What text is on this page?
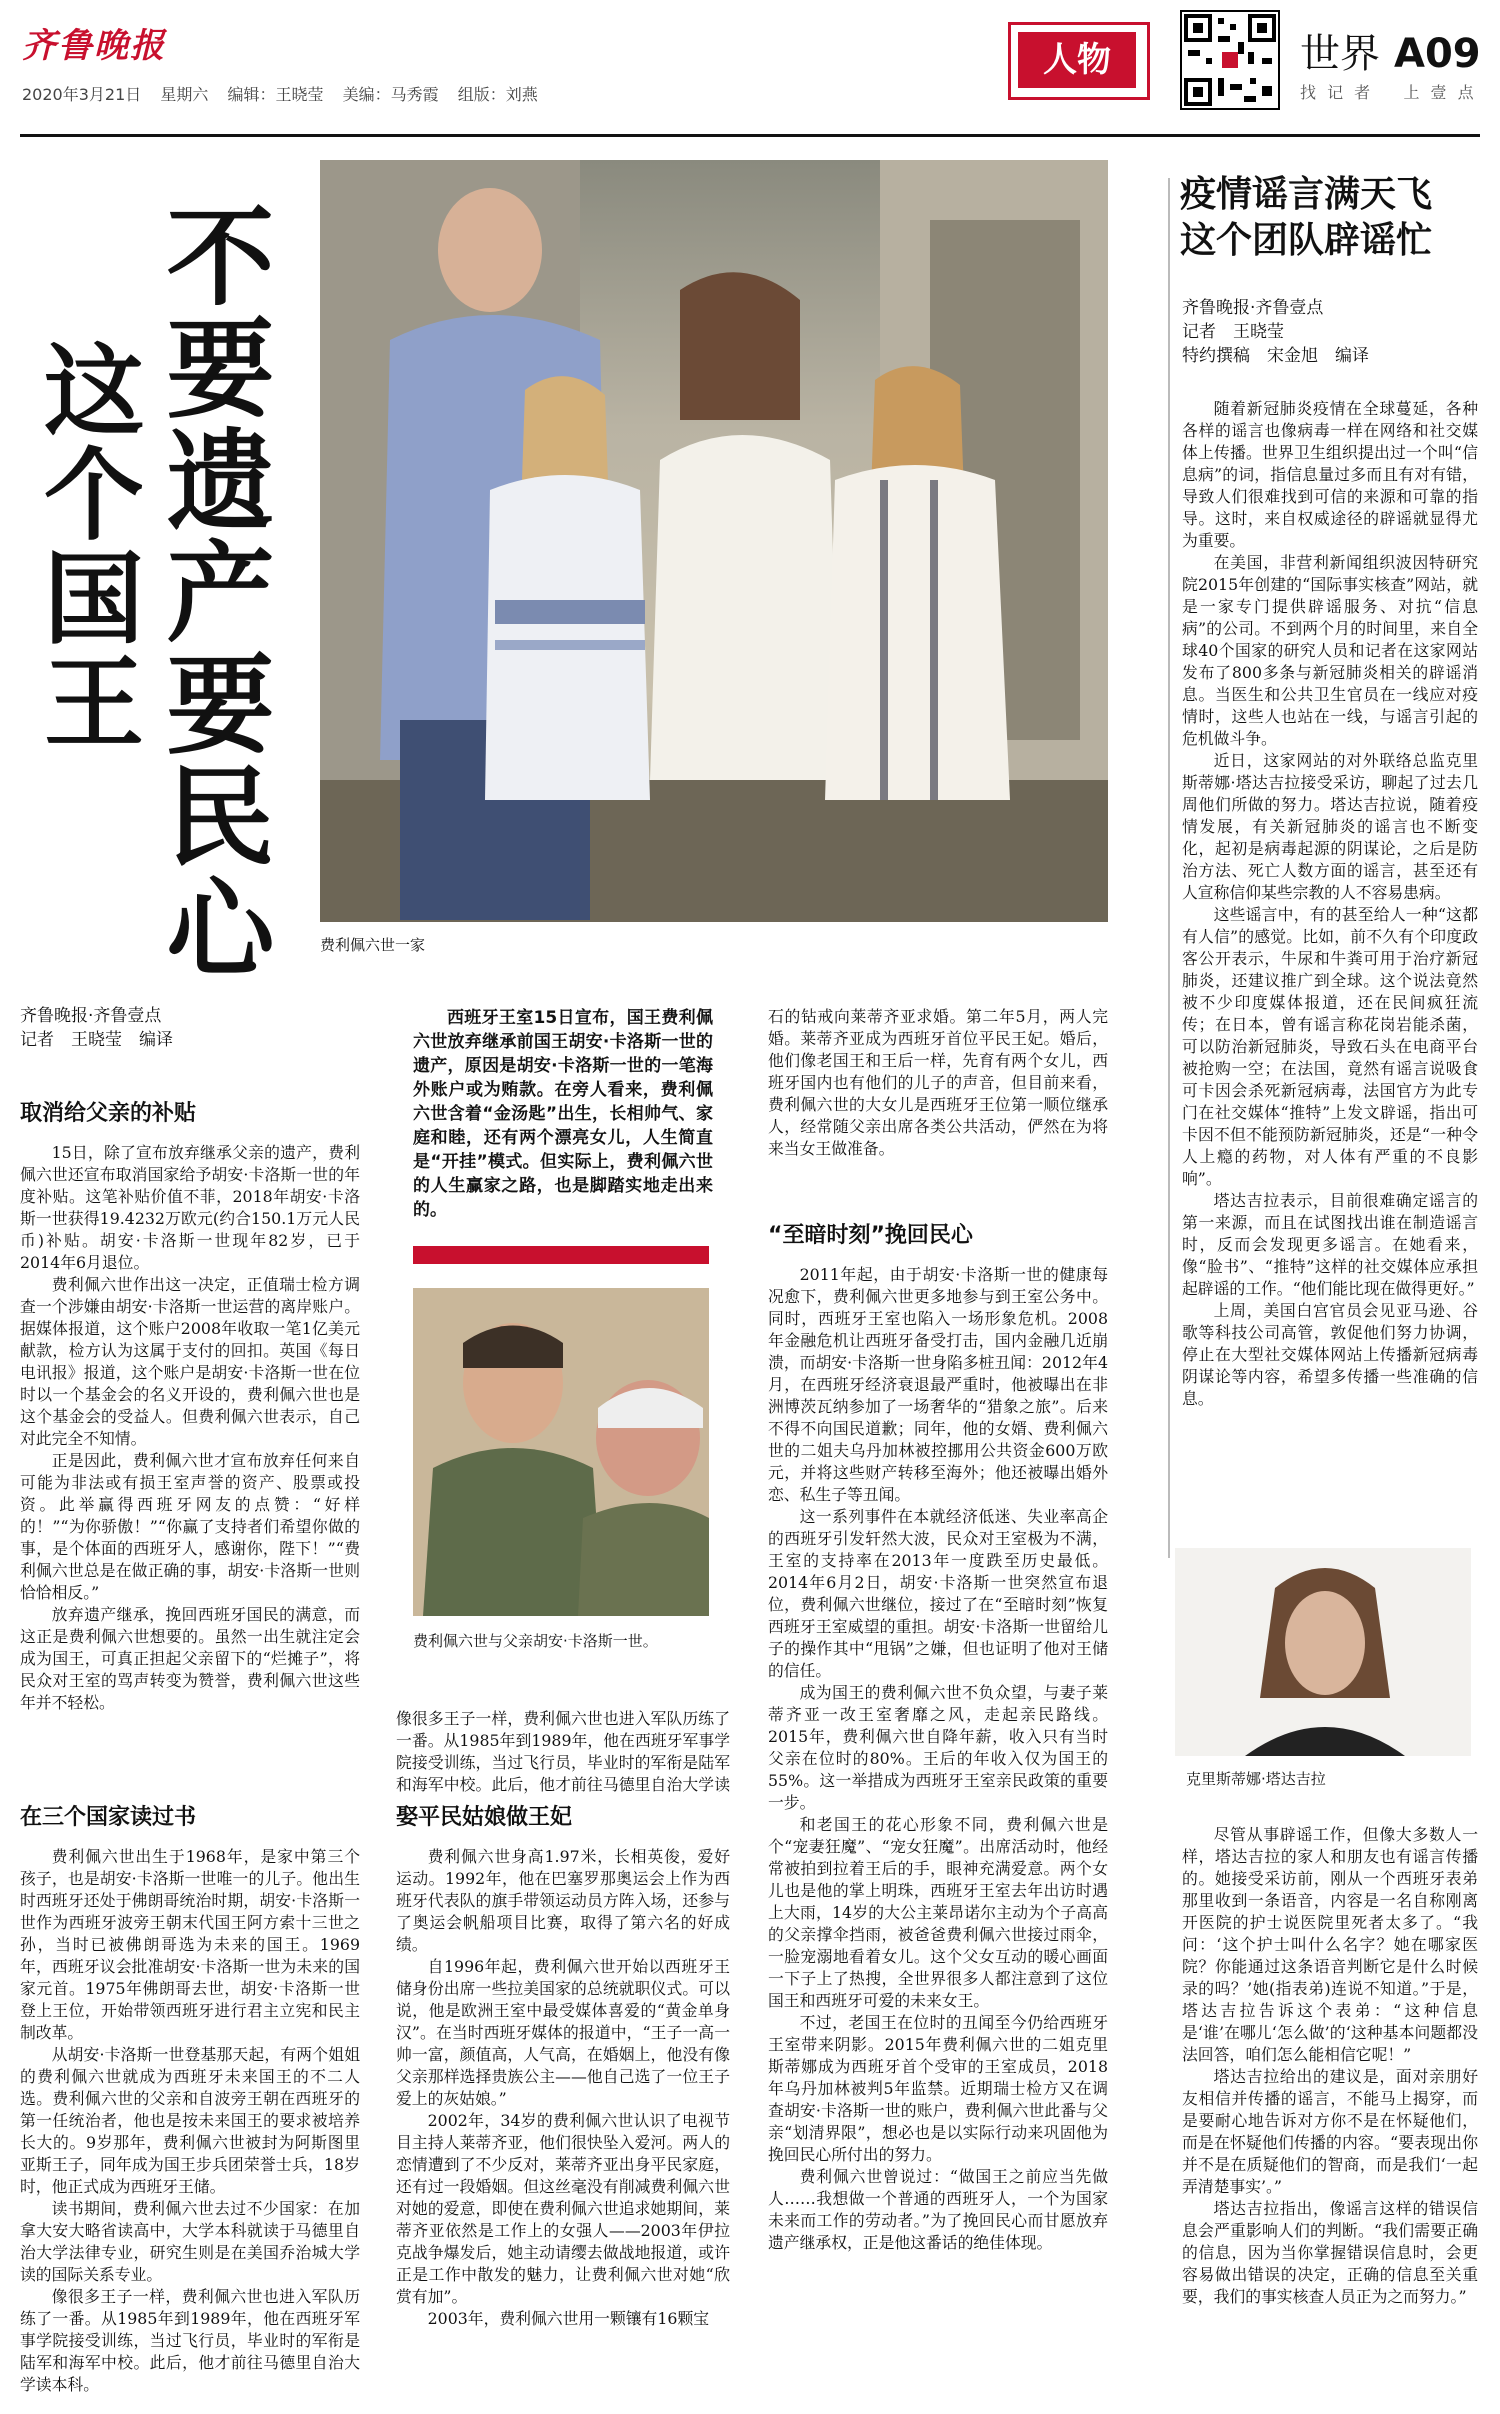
齐鲁晚报
2020年3月21日 星期六 编辑：王晓莹 美编：马秀霞 组版：刘燕
人物	世界 A09
找 记 者 上 壹 点
不要遗产要民心
这个国王
费利佩六世一家
齐鲁晚报·齐鲁壹点
记者　王晓莹　编译
取消给父亲的补贴

15日，除了宣布放弃继承父亲的遗产，费利佩六世还宣布取消国家给予胡安·卡洛斯一世的年度补贴。这笔补贴价值不菲，2018年胡安·卡洛斯一世获得19.4232万欧元(约合150.1万元人民币)补贴。胡安·卡洛斯一世现年82岁，已于2014年6月退位。

费利佩六世作出这一决定，正值瑞士检方调查一个涉嫌由胡安·卡洛斯一世运营的离岸账户。据媒体报道，这个账户2008年收取一笔1亿美元献款，检方认为这属于支付的回扣。英国《每日电讯报》报道，这个账户是胡安·卡洛斯一世在位时以一个基金会的名义开设的，费利佩六世也是这个基金会的受益人。但费利佩六世表示，自己对此完全不知情。

正是因此，费利佩六世才宣布放弃任何来自可能为非法或有损王室声誉的资产、股票或投资。此举赢得西班牙网友的点赞：“好样的！”“为你骄傲！”“你赢了支持者们希望你做的事，是个体面的西班牙人，感谢你，陛下！”“费利佩六世总是在做正确的事，胡安·卡洛斯一世则恰恰相反。”

放弃遗产继承，挽回西班牙国民的满意，而这正是费利佩六世想要的。虽然一出生就注定会成为国王，可真正担起父亲留下的“烂摊子”，将民众对王室的骂声转变为赞誉，费利佩六世这些年并不轻松。

在三个国家读过书

费利佩六世出生于1968年，是家中第三个孩子，也是胡安·卡洛斯一世唯一的儿子。他出生时西班牙还处于佛朗哥统治时期，胡安·卡洛斯一世作为西班牙波旁王朝末代国王阿方索十三世之孙，当时已被佛朗哥选为未来的国王。1969年，西班牙议会批准胡安·卡洛斯一世为未来的国家元首。1975年佛朗哥去世，胡安·卡洛斯一世登上王位，开始带领西班牙进行君主立宪和民主制改革。

从胡安·卡洛斯一世登基那天起，有两个姐姐的费利佩六世就成为西班牙未来国王的不二人选。费利佩六世的父亲和自波旁王朝在西班牙的第一任统治者，他也是按未来国王的要求被培养长大的。9岁那年，费利佩六世被封为阿斯图里亚斯王子，同年成为国王步兵团荣誉士兵，18岁时，他正式成为西班牙王储。

读书期间，费利佩六世去过不少国家：在加拿大安大略省读高中，大学本科就读于马德里自治大学法律专业，研究生则是在美国乔治城大学读的国际关系专业。

像很多王子一样，费利佩六世也进入军队历练了一番。从1985年到1989年，他在西班牙军事学院接受训练，当过飞行员，毕业时的军衔是陆军和海军中校。此后，他才前往马德里自治大学读本科。

西班牙王室15日宣布，国王费利佩六世放弃继承前国王胡安·卡洛斯一世的遗产，原因是胡安·卡洛斯一世的一笔海外账户或为贿款。在旁人看来，费利佩六世含着“金汤匙”出生，长相帅气、家庭和睦，还有两个漂亮女儿，人生简直是“开挂”模式。但实际上，费利佩六世的人生赢家之路，也是脚踏实地走出来的。
费利佩六世与父亲胡安·卡洛斯一世。

像很多王子一样，费利佩六世也进入军队历练了一番。从1985年到1989年，他在西班牙军事学院接受训练，当过飞行员，毕业时的军衔是陆军和海军中校。此后，他才前往马德里自治大学读

娶平民姑娘做王妃

费利佩六世身高1.97米，长相英俊，爱好运动。1992年，他在巴塞罗那奥运会上作为西班牙代表队的旗手带领运动员方阵入场，还参与了奥运会帆船项目比赛，取得了第六名的好成绩。

自1996年起，费利佩六世开始以西班牙王储身份出席一些拉美国家的总统就职仪式。可以说，他是欧洲王室中最受媒体喜爱的“黄金单身汉”。在当时西班牙媒体的报道中，“王子一高一帅一富，颜值高，人气高，在婚姻上，他没有像父亲那样选择贵族公主——他自己选了一位王子爱上的灰姑娘。”

2002年，34岁的费利佩六世认识了电视节目主持人莱蒂齐亚，他们很快坠入爱河。两人的恋情遭到了不少反对，莱蒂齐亚出身平民家庭，还有过一段婚姻。但这丝毫没有削减费利佩六世对她的爱意，即使在费利佩六世追求她期间，莱蒂齐亚依然是工作上的女强人——2003年伊拉克战争爆发后，她主动请缨去做战地报道，或许正是工作中散发的魅力，让费利佩六世对她“欣赏有加”。

2003年，费利佩六世用一颗镶有16颗宝

石的钻戒向莱蒂齐亚求婚。第二年5月，两人完婚。莱蒂齐亚成为西班牙首位平民王妃。婚后，他们像老国王和王后一样，先育有两个女儿，西班牙国内也有他们的儿子的声音，但目前来看，费利佩六世的大女儿是西班牙王位第一顺位继承人，经常随父亲出席各类公共活动，俨然在为将来当女王做准备。

“至暗时刻”挽回民心

2011年起，由于胡安·卡洛斯一世的健康每况愈下，费利佩六世更多地参与到王室公务中。同时，西班牙王室也陷入一场形象危机。2008年金融危机让西班牙备受打击，国内金融几近崩溃，而胡安·卡洛斯一世身陷多桩丑闻：2012年4月，在西班牙经济衰退最严重时，他被曝出在非洲博茨瓦纳参加了一场奢华的“猎象之旅”。后来不得不向国民道歉；同年，他的女婿、费利佩六世的二姐夫乌丹加林被控挪用公共资金600万欧元，并将这些财产转移至海外；他还被曝出婚外恋、私生子等丑闻。

这一系列事件在本就经济低迷、失业率高企的西班牙引发轩然大波，民众对王室极为不满，王室的支持率在2013年一度跌至历史最低。2014年6月2日，胡安·卡洛斯一世突然宣布退位，费利佩六世继位，接过了在“至暗时刻”恢复西班牙王室威望的重担。胡安·卡洛斯一世留给儿子的操作其中“甩锅”之嫌，但也证明了他对王储的信任。

成为国王的费利佩六世不负众望，与妻子莱蒂齐亚一改王室奢靡之风，走起亲民路线。2015年，费利佩六世自降年薪，收入只有当时父亲在位时的80%。王后的年收入仅为国王的55%。这一举措成为西班牙王室亲民政策的重要一步。

和老国王的花心形象不同，费利佩六世是个“宠妻狂魔”、“宠女狂魔”。出席活动时，他经常被拍到拉着王后的手，眼神充满爱意。两个女儿也是他的掌上明珠，西班牙王室去年出访时遇上大雨，14岁的大公主莱昂诺尔主动为个子高高的父亲撑伞挡雨，被爸爸费利佩六世接过雨伞，一脸宠溺地看着女儿。这个父女互动的暖心画面一下子上了热搜，全世界很多人都注意到了这位国王和西班牙可爱的未来女王。

不过，老国王在位时的丑闻至今仍给西班牙王室带来阴影。2015年费利佩六世的二姐克里斯蒂娜成为西班牙首个受审的王室成员，2018年乌丹加林被判5年监禁。近期瑞士检方又在调查胡安·卡洛斯一世的账户，费利佩六世此番与父亲“划清界限”，想必也是以实际行动来巩固他为挽回民心所付出的努力。

费利佩六世曾说过：“做国王之前应当先做人……我想做一个普通的西班牙人，一个为国家未来而工作的劳动者。”为了挽回民心而甘愿放弃遗产继承权，正是他这番话的绝佳体现。

疫情谣言满天飞
这个团队辟谣忙
齐鲁晚报·齐鲁壹点
记者　王晓莹
特约撰稿　宋金旭　编译

随着新冠肺炎疫情在全球蔓延，各种各样的谣言也像病毒一样在网络和社交媒体上传播。世界卫生组织提出过一个叫“信息病”的词，指信息量过多而且有对有错，导致人们很难找到可信的来源和可靠的指导。这时，来自权威途径的辟谣就显得尤为重要。

在美国，非营利新闻组织波因特研究院2015年创建的“国际事实核查”网站，就是一家专门提供辟谣服务、对抗“信息病”的公司。不到两个月的时间里，来自全球40个国家的研究人员和记者在这家网站发布了800多条与新冠肺炎相关的辟谣消息。当医生和公共卫生官员在一线应对疫情时，这些人也站在一线，与谣言引起的危机做斗争。

近日，这家网站的对外联络总监克里斯蒂娜·塔达吉拉接受采访，聊起了过去几周他们所做的努力。塔达吉拉说，随着疫情发展，有关新冠肺炎的谣言也不断变化，起初是病毒起源的阴谋论，之后是防治方法、死亡人数方面的谣言，甚至还有人宣称信仰某些宗教的人不容易患病。

这些谣言中，有的甚至给人一种“这都有人信”的感觉。比如，前不久有个印度政客公开表示，牛尿和牛粪可用于治疗新冠肺炎，还建议推广到全球。这个说法竟然被不少印度媒体报道，还在民间疯狂流传；在日本，曾有谣言称花岗岩能杀菌，可以防治新冠肺炎，导致石头在电商平台被抢购一空；在法国，竟然有谣言说吸食可卡因会杀死新冠病毒，法国官方为此专门在社交媒体“推特”上发文辟谣，指出可卡因不但不能预防新冠肺炎，还是“一种令人上瘾的药物，对人体有严重的不良影响”。

塔达吉拉表示，目前很难确定谣言的第一来源，而且在试图找出谁在制造谣言时，反而会发现更多谣言。在她看来，像“脸书”、“推特”这样的社交媒体应承担起辟谣的工作。“他们能比现在做得更好。”

上周，美国白宫官员会见亚马逊、谷歌等科技公司高管，敦促他们努力协调，停止在大型社交媒体网站上传播新冠病毒阴谋论等内容，希望多传播一些准确的信息。

克里斯蒂娜·塔达吉拉

尽管从事辟谣工作，但像大多数人一样，塔达吉拉的家人和朋友也有谣言传播的。她接受采访前，刚从一个西班牙表弟那里收到一条语音，内容是一名自称刚离开医院的护士说医院里死者太多了。“我问：‘这个护士叫什么名字？她在哪家医院？你能通过这条语音判断它是什么时候录的吗？’她(指表弟)连说不知道。”于是，塔达吉拉告诉这个表弟：“这种信息是‘谁’在哪儿‘怎么做’的‘这种基本问题都没法回答，咱们怎么能相信它呢！”

塔达吉拉给出的建议是，面对亲朋好友相信并传播的谣言，不能马上揭穿，而是要耐心地告诉对方你不是在怀疑他们，而是在怀疑他们传播的内容。“要表现出你并不是在质疑他们的智商，而是我们‘一起弄清楚事实’。”

塔达吉拉指出，像谣言这样的错误信息会严重影响人们的判断。“我们需要正确的信息，因为当你掌握错误信息时，会更容易做出错误的决定，正确的信息至关重要，我们的事实核查人员正为之而努力。”
